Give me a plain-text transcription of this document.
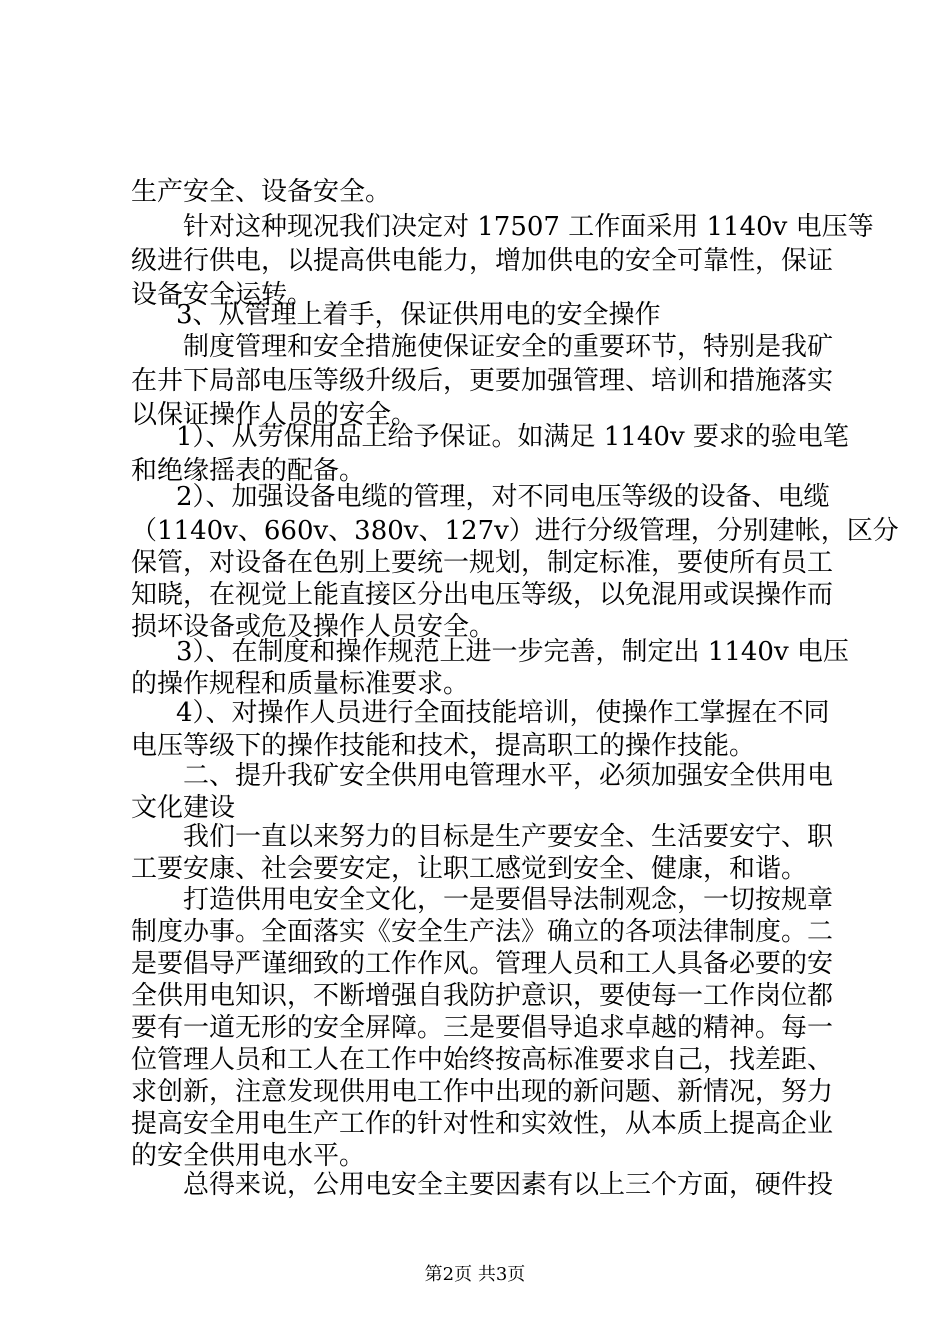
生产安全、设备安全。
针对这种现况我们决定对 17507 工作面采用 1140v 电压等
级进行供电，以提高供电能力，增加供电的安全可靠性，保证
设备安全运转。
3、从管理上着手，保证供用电的安全操作
制度管理和安全措施使保证安全的重要环节，特别是我矿
在井下局部电压等级升级后，更要加强管理、培训和措施落实
以保证操作人员的安全。
1）、从劳保用品上给予保证。如满足 1140v 要求的验电笔
和绝缘摇表的配备。
2）、加强设备电缆的管理，对不同电压等级的设备、电缆
（1140v、660v、380v、127v）进行分级管理，分别建帐，区分
保管，对设备在色别上要统一规划，制定标准，要使所有员工
知晓，在视觉上能直接区分出电压等级，以免混用或误操作而
损坏设备或危及操作人员安全。
3）、在制度和操作规范上进一步完善，制定出 1140v 电压
的操作规程和质量标准要求。
4）、对操作人员进行全面技能培训，使操作工掌握在不同
电压等级下的操作技能和技术，提高职工的操作技能。
二、提升我矿安全供用电管理水平，必须加强安全供用电
文化建设
我们一直以来努力的目标是生产要安全、生活要安宁、职
工要安康、社会要安定，让职工感觉到安全、健康，和谐。
打造供用电安全文化，一是要倡导法制观念，一切按规章
制度办事。全面落实《安全生产法》确立的各项法律制度。二
是要倡导严谨细致的工作作风。管理人员和工人具备必要的安
全供用电知识，不断增强自我防护意识，要使每一工作岗位都
要有一道无形的安全屏障。三是要倡导追求卓越的精神。每一
位管理人员和工人在工作中始终按高标准要求自己，找差距、
求创新，注意发现供用电工作中出现的新问题、新情况，努力
提高安全用电生产工作的针对性和实效性，从本质上提高企业
的安全供用电水平。
总得来说，公用电安全主要因素有以上三个方面，硬件投
第2页 共3页
